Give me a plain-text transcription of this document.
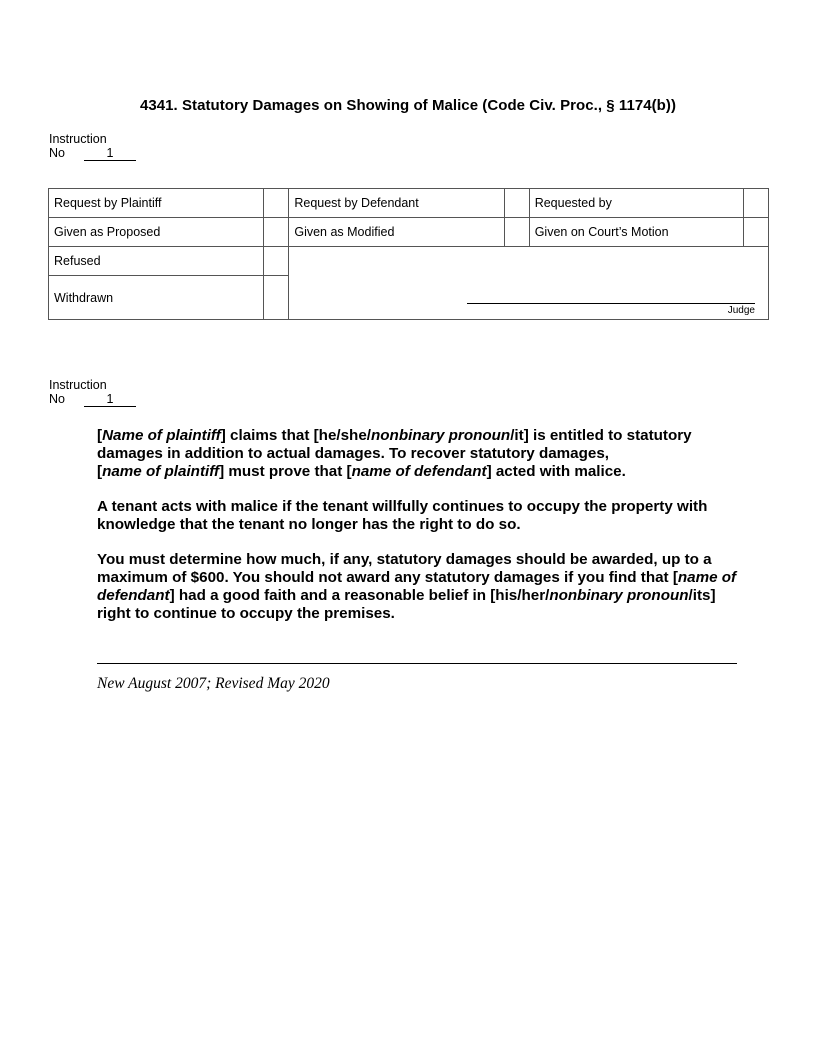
4341. Statutory Damages on Showing of Malice (Code Civ. Proc., § 1174(b))
Instruction
No	1
Request by Plaintiff		Request by Defendant		Requested by	
Given as Proposed		Given as Modified		Given on Court’s Motion	
Refused		Judge			

Withdrawn					
Instruction
No	1

[Name of plaintiff] claims that [he/she/nonbinary pronoun/it] is entitled to statutory damages in addition to actual damages. To recover statutory damages,
[name of plaintiff] must prove that [name of defendant] acted with malice.

A tenant acts with malice if the tenant willfully continues to occupy the property with knowledge that the tenant no longer has the right to do so.

You must determine how much, if any, statutory damages should be awarded, up to a maximum of $600. You should not award any statutory damages if you find that [name of defendant] had a good faith and a reasonable belief in [his/her/nonbinary pronoun/its] right to continue to occupy the premises.

New August 2007; Revised May 2020
